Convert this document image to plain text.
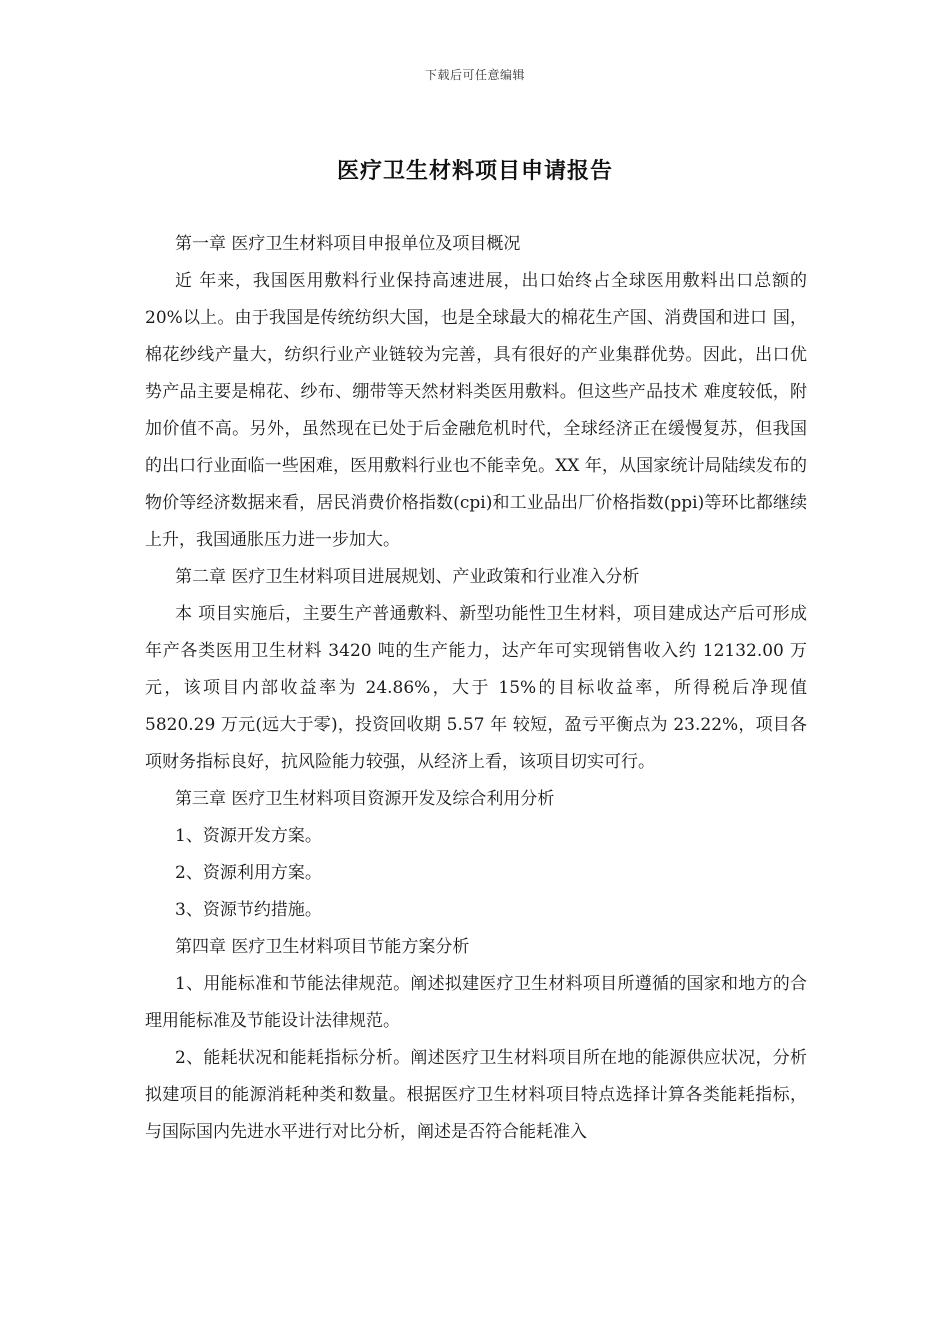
下载后可任意编辑
医疗卫生材料项目申请报告

第一章 医疗卫生材料项目申报单位及项目概况

近 年来，我国医用敷料行业保持高速进展，出口始终占全球医用敷料出口总额的20%以上。由于我国是传统纺织大国，也是全球最大的棉花生产国、消费国和进口 国，棉花纱线产量大，纺织行业产业链较为完善，具有很好的产业集群优势。因此，出口优势产品主要是棉花、纱布、绷带等天然材料类医用敷料。但这些产品技术 难度较低，附加价值不高。另外，虽然现在已处于后金融危机时代，全球经济正在缓慢复苏，但我国的出口行业面临一些困难，医用敷料行业也不能幸免。XX 年，从国家统计局陆续发布的物价等经济数据来看，居民消费价格指数(cpi)和工业品出厂价格指数(ppi)等环比都继续上升，我国通胀压力进一步加大。

第二章 医疗卫生材料项目进展规划、产业政策和行业准入分析

本 项目实施后，主要生产普通敷料、新型功能性卫生材料，项目建成达产后可形成年产各类医用卫生材料 3420 吨的生产能力，达产年可实现销售收入约 12132.00 万元，该项目内部收益率为 24.86%，大于 15%的目标收益率，所得税后净现值 5820.29 万元(远大于零)，投资回收期 5.57 年 较短，盈亏平衡点为 23.22%，项目各项财务指标良好，抗风险能力较强，从经济上看，该项目切实可行。

第三章 医疗卫生材料项目资源开发及综合利用分析

1、资源开发方案。

2、资源利用方案。

3、资源节约措施。

第四章 医疗卫生材料项目节能方案分析

1、用能标准和节能法律规范。阐述拟建医疗卫生材料项目所遵循的国家和地方的合理用能标准及节能设计法律规范。

2、能耗状况和能耗指标分析。阐述医疗卫生材料项目所在地的能源供应状况，分析拟建项目的能源消耗种类和数量。根据医疗卫生材料项目特点选择计算各类能耗指标，与国际国内先进水平进行对比分析，阐述是否符合能耗准入
